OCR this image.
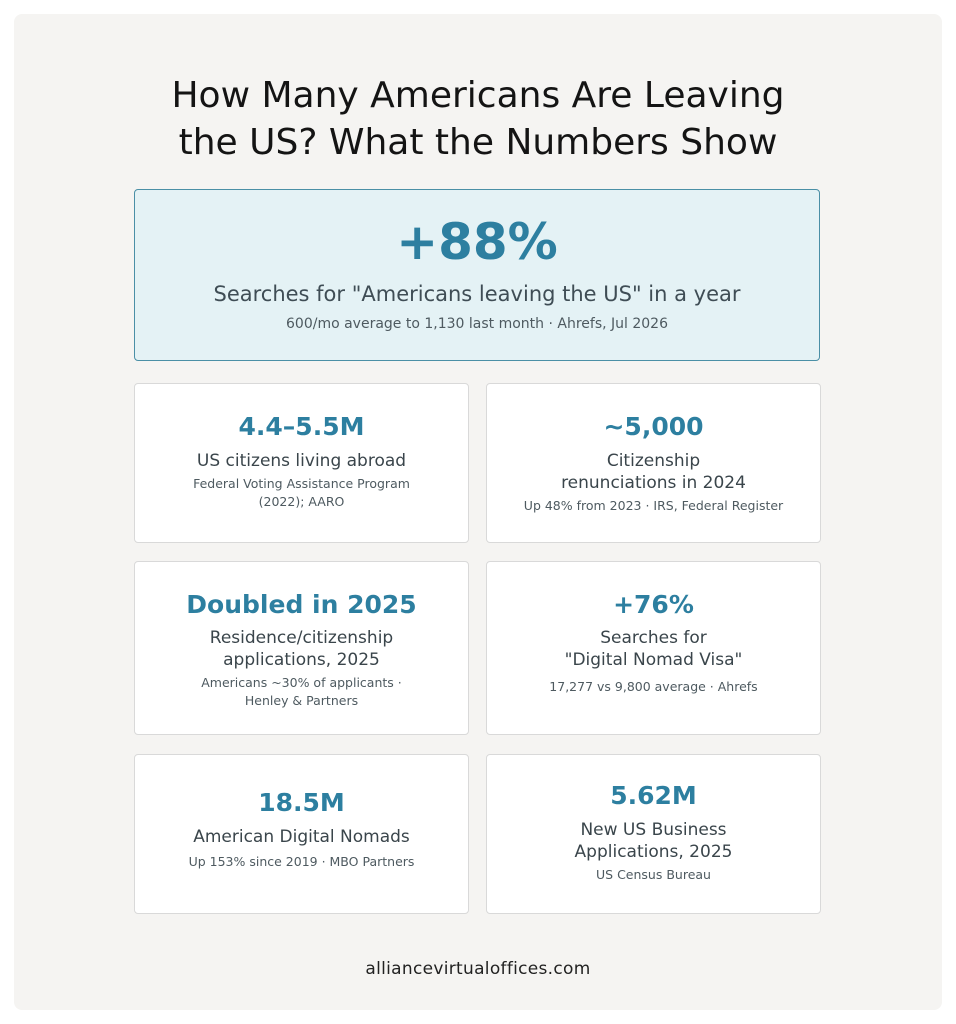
How Many Americans Are Leaving
the US? What the Numbers Show
+88%
Searches for "Americans leaving the US" in a year
600/mo average to 1,130 last month · Ahrefs, Jul 2026
4.4–5.5M
US citizens living abroad
Federal Voting Assistance Program
(2022); AARO
~5,000
Citizenship
renunciations in 2024
Up 48% from 2023 · IRS, Federal Register
Doubled in 2025
Residence/citizenship
applications, 2025
Americans ~30% of applicants ·
Henley & Partners
+76%
Searches for
"Digital Nomad Visa"
17,277 vs 9,800 average · Ahrefs
18.5M
American Digital Nomads
Up 153% since 2019 · MBO Partners
5.62M
New US Business
Applications, 2025
US Census Bureau
alliancevirtualoffices.com
